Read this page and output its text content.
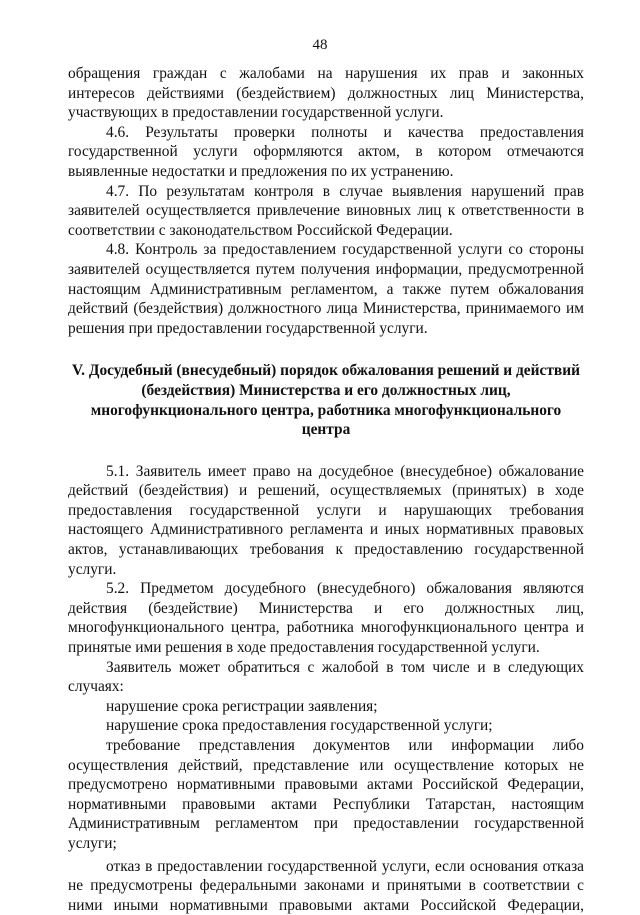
48
обращения граждан с жалобами на нарушения их прав и законных
интересов действиями (бездействием) должностных лиц Министерства,
участвующих в предоставлении государственной услуги.
4.6. Результаты проверки полноты и качества предоставления
государственной услуги оформляются актом, в котором отмечаются
выявленные недостатки и предложения по их устранению.
4.7. По результатам контроля в случае выявления нарушений прав
заявителей осуществляется привлечение виновных лиц к ответственности в
соответствии с законодательством Российской Федерации.
4.8. Контроль за предоставлением государственной услуги со стороны
заявителей осуществляется путем получения информации, предусмотренной
настоящим Административным регламентом, а также путем обжалования
действий (бездействия) должностного лица Министерства, принимаемого им
решения при предоставлении государственной услуги.
V. Досудебный (внесудебный) порядок обжалования решений и действий
(бездействия) Министерства и его должностных лиц,
многофункционального центра, работника многофункционального
центра
5.1. Заявитель имеет право на досудебное (внесудебное) обжалование
действий (бездействия) и решений, осуществляемых (принятых) в ходе
предоставления государственной услуги и нарушающих требования
настоящего Административного регламента и иных нормативных правовых
актов, устанавливающих требования к предоставлению государственной
услуги.
5.2. Предметом досудебного (внесудебного) обжалования являются
действия (бездействие) Министерства и его должностных лиц,
многофункционального центра, работника многофункционального центра и
принятые ими решения в ходе предоставления государственной услуги.
Заявитель может обратиться с жалобой в том числе и в следующих
случаях:
нарушение срока регистрации заявления;
нарушение срока предоставления государственной услуги;
требование представления документов или информации либо
осуществления действий, представление или осуществление которых не
предусмотрено нормативными правовыми актами Российской Федерации,
нормативными правовыми актами Республики Татарстан, настоящим
Административным регламентом при предоставлении государственной
услуги;
отказ в предоставлении государственной услуги, если основания отказа
не предусмотрены федеральными законами и принятыми в соответствии с
ними иными нормативными правовыми актами Российской Федерации,
